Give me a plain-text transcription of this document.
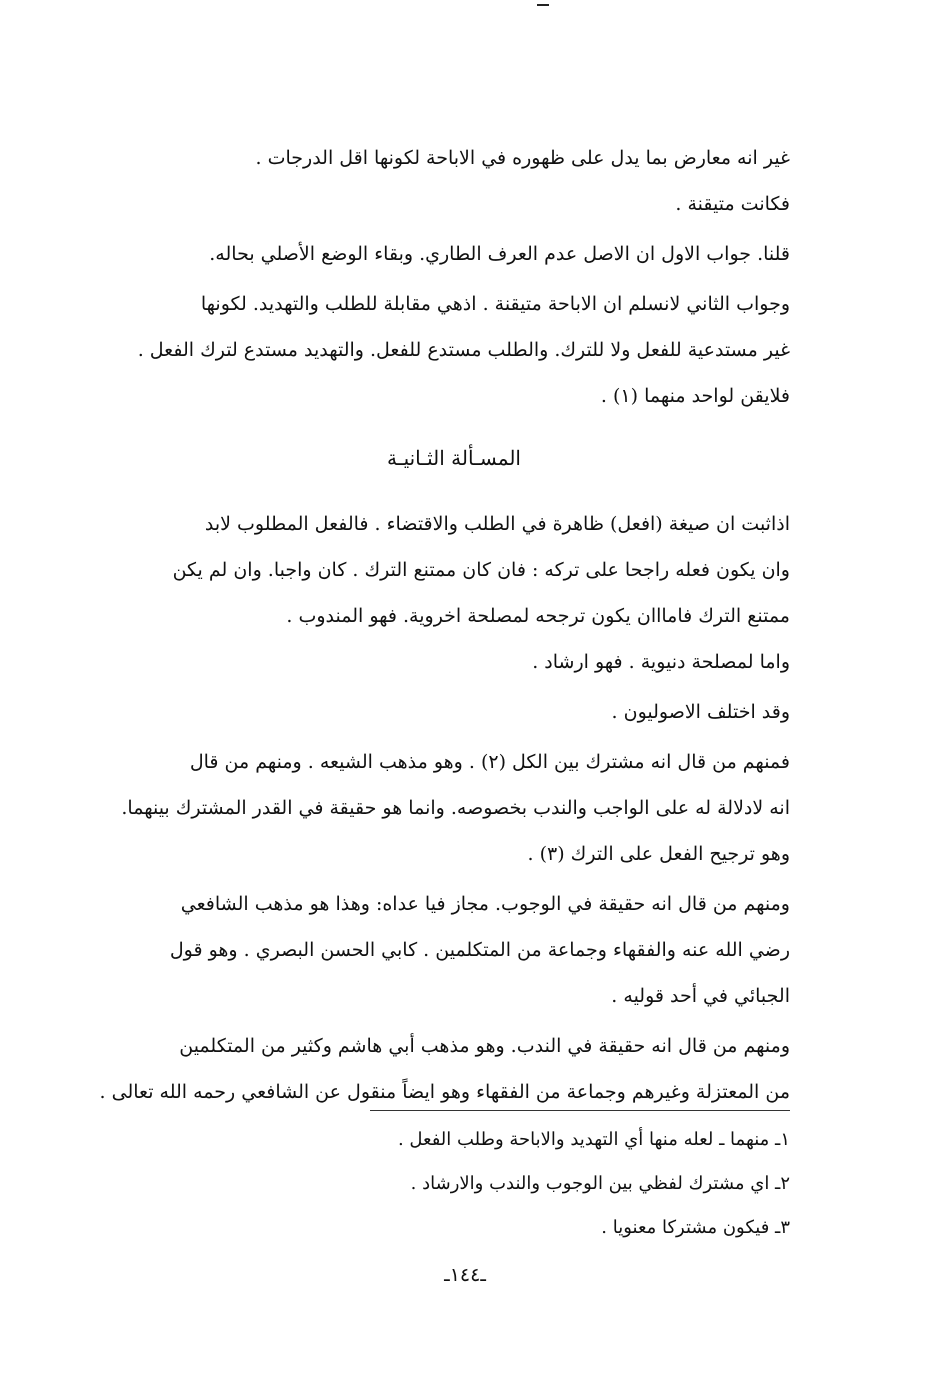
غير انه معارض بما يدل على ظهوره في الاباحة لكونها اقل الدرجات .
فكانت متيقنة .
قلنا. جواب الاول ان الاصل عدم العرف الطاري. وبقاء الوضع الأصلي بحاله.
وجواب الثاني لانسلم ان الاباحة متيقنة . اذهي مقابلة للطلب والتهديد. لكونها
غير مستدعية للفعل ولا للترك. والطلب مستدع للفعل. والتهديد مستدع لترك الفعل .
فلايقن لواحد منهما (١) .
المسـألة الثـانيـة
اذاثبت ان صيغة (افعل) ظاهرة في الطلب والاقتضاء . فالفعل المطلوب لابد
وان يكون فعله راجحا على تركه : فان كان ممتنع الترك . كان واجبا. وان لم يكن
ممتنع الترك فامااان يكون ترجحه لمصلحة اخروية. فهو المندوب .
واما لمصلحة دنيوية . فهو ارشاد .
وقد اختلف الاصوليون .
فمنهم من قال انه مشترك بين الكل (٢) . وهو مذهب الشيعه . ومنهم من قال
انه لادلالة له على الواجب والندب بخصوصه. وانما هو حقيقة في القدر المشترك بينهما.
وهو ترجيح الفعل على الترك (٣) .
ومنهم من قال انه حقيقة في الوجوب. مجاز فيا عداه: وهذا هو مذهب الشافعي
رضي الله عنه والفقهاء وجماعة من المتكلمين . كابي الحسن البصري . وهو قول
الجبائي في أحد قوليه .
ومنهم من قال انه حقيقة في الندب. وهو مذهب أبي هاشم وكثير من المتكلمين
من المعتزلة وغيرهم وجماعة من الفقهاء وهو ايضاً منقول عن الشافعي رحمه الله تعالى .
١ـ منهما ـ لعله منها أي التهديد والاباحة وطلب الفعل .
٢ـ اي مشترك لفظي بين الوجوب والندب والارشاد .
٣ـ فيكون مشتركا معنويا .
ـ١٤٤ـ
